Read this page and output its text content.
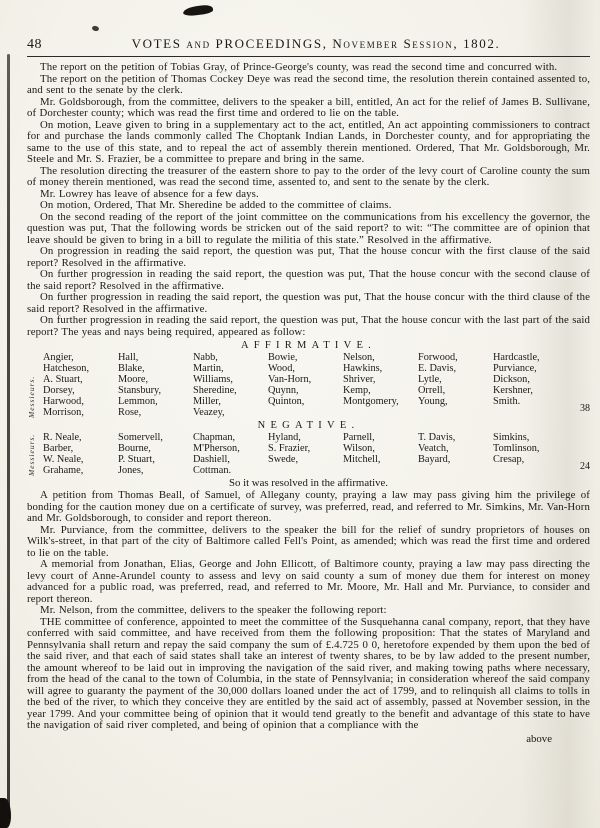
48	VOTES and PROCEEDINGS, November Session, 1802.

The report on the petition of Tobias Gray, of Prince-George's county, was read the second time and concurred with.

The report on the petition of Thomas Cockey Deye was read the second time, the resolution therein contained assented to, and sent to the senate by the clerk.

Mr. Goldsborough, from the committee, delivers to the speaker a bill, entitled, An act for the relief of James B. Sullivane, of Dorchester county; which was read the first time and ordered to lie on the table.

On motion, Leave given to bring in a supplementary act to the act, entitled, An act appointing commissioners to contract for and purchase the lands commonly called The Choptank Indian Lands, in Dorchester county, and for appropriating the same to the use of this state, and to repeal the act of assembly therein mentioned. Ordered, That Mr. Goldsborough, Mr. Steele and Mr. S. Frazier, be a committee to prepare and bring in the same.

The resolution directing the treasurer of the eastern shore to pay to the order of the levy court of Caroline county the sum of money therein mentioned, was read the second time, assented to, and sent to the senate by the clerk.

Mr. Lowrey has leave of absence for a few days.

On motion, Ordered, That Mr. Sheredine be added to the committee of claims.

On the second reading of the report of the joint committee on the communications from his excellency the governor, the question was put, That the following words be stricken out of the said report? to wit: “The committee are of opinion that leave should be given to bring in a bill to regulate the militia of this state.” Resolved in the affirmative.

On progression in reading the said report, the question was put, That the house concur with the first clause of the said report? Resolved in the affirmative.

On further progression in reading the said report, the question was put, That the house concur with the second clause of the said report? Resolved in the affirmative.

On further progression in reading the said report, the question was put, That the house concur with the third clause of the said report? Resolved in the affirmative.

On further progression in reading the said report, the question was put, That the house concur with the last part of the said report? The yeas and nays being required, appeared as follow:

AFFIRMATIVE.
Messieurs.
Angier,
Hatcheson,
A. Stuart,
Dorsey,
Harwood,
Morrison,
Hall,
Blake,
Moore,
Stansbury,
Lemmon,
Rose,
Nabb,
Martin,
Williams,
Sheredine,
Miller,
Veazey,
Bowie,
Wood,
Van-Horn,
Quynn,
Quinton,
Nelson,
Hawkins,
Shriver,
Kemp,
Montgomery,
Forwood,
E. Davis,
Lytle,
Orrell,
Young,
Hardcastle,
Purviance,
Dickson,
Kershner,
Smith.
38
NEGATIVE.
Messieurs. R. Neale,
Barber,
W. Neale,
Grahame,
Somervell,
Bourne,
P. Stuart,
Jones,
Chapman,
M'Pherson,
Dashiell,
Cottman.
Hyland,
S. Frazier,
Swede,
Parnell,
Wilson,
Mitchell,
T. Davis,
Veatch,
Bayard,
Simkins,
Tomlinson,
Cresap,
24
So it was resolved in the affirmative.

A petition from Thomas Beall, of Samuel, of Allegany county, praying a law may pass giving him the privilege of bonding for the caution money due on a certificate of survey, was preferred, read, and referred to Mr. Simkins, Mr. Van-Horn and Mr. Goldsborough, to consider and report thereon.

Mr. Purviance, from the committee, delivers to the speaker the bill for the relief of sundry proprietors of houses on Wilk's-street, in that part of the city of Baltimore called Fell's Point, as amended; which was read the first time and ordered to lie on the table.

A memorial from Jonathan, Elias, George and John Ellicott, of Baltimore county, praying a law may pass directing the levy court of Anne-Arundel county to assess and levy on said county a sum of money due them for interest on money advanced for a public road, was preferred, read, and referred to Mr. Moore, Mr. Hall and Mr. Purviance, to consider and report thereon.

Mr. Nelson, from the committee, delivers to the speaker the following report:

THE committee of conference, appointed to meet the committee of the Susquehanna canal company, report, that they have conferred with said committee, and have received from them the following proposition: That the states of Maryland and Pennsylvania shall return and repay the said company the sum of £.4.725 0 0, heretofore expended by them upon the bed of the said river, and that each of said states shall take an interest of twenty shares, to be by law added to the present number, the amount whereof to be laid out in improving the navigation of the said river, and making towing paths where necessary, from the head of the canal to the town of Columbia, in the state of Pennsylvania; in consideration whereof the said company will agree to guaranty the payment of the 30,000 dollars loaned under the act of 1799, and to relinquish all claims to tolls in the bed of the river, to which they conceive they are entitled by the said act of assembly, passed at November session, in the year 1799. And your committee being of opinion that it would tend greatly to the benefit and advantage of this state to have the navigation of said river completed, and being of opinion that a compliance with the

above
